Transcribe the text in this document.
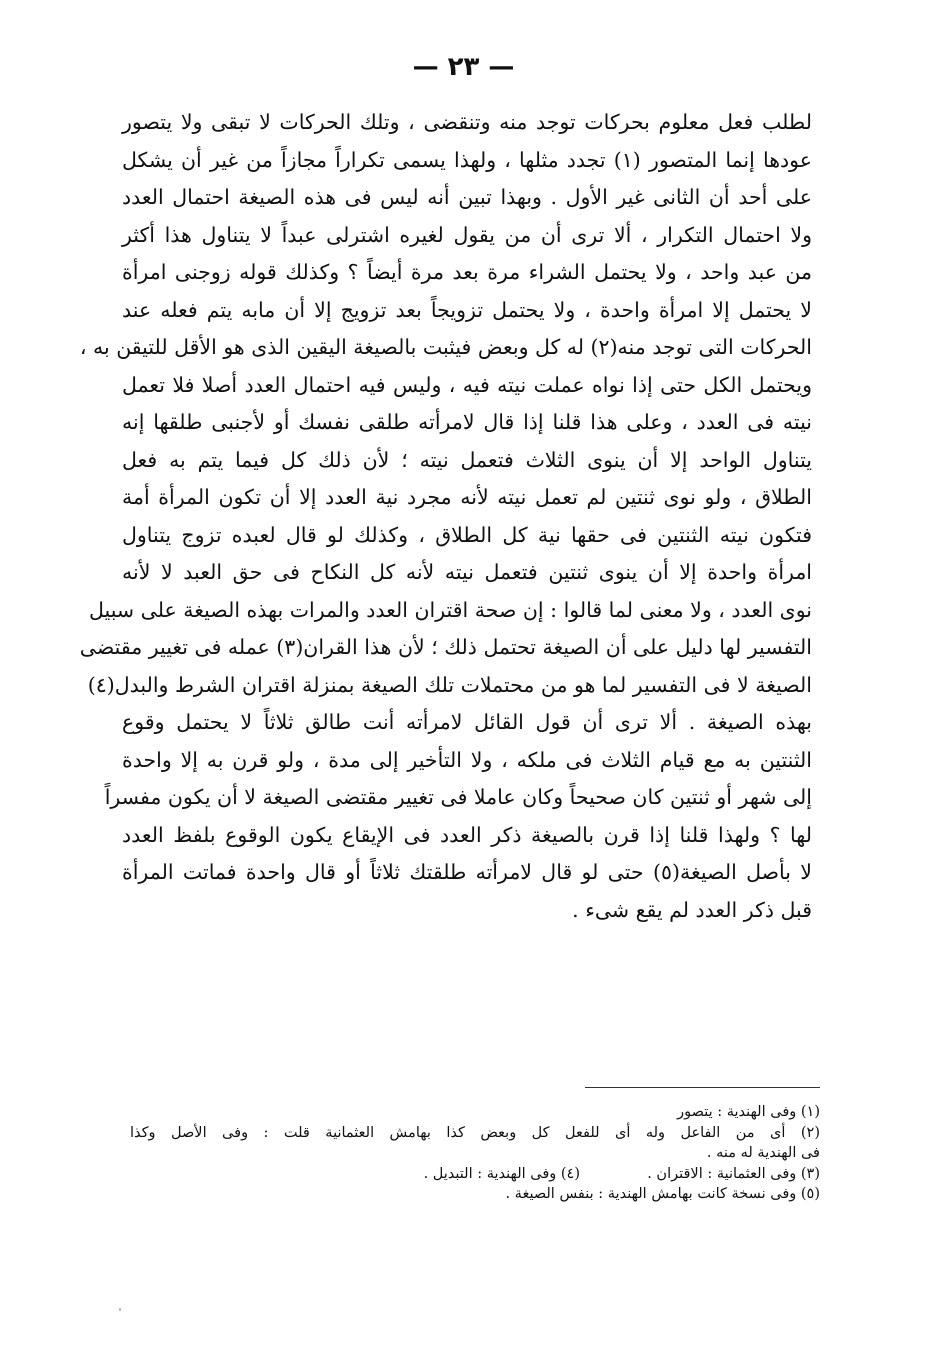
— ٢٣ —
لطلب فعل معلوم بحركات توجد منه وتنقضى ، وتلك الحركات لا تبقى ولا يتصور
عودها إنما المتصور (١) تجدد مثلها ، ولهذا يسمى تكراراً مجازاً من غير أن يشكل
على أحد أن الثانى غير الأول . وبهذا تبين أنه ليس فى هذه الصيغة احتمال العدد
ولا احتمال التكرار ، ألا ترى أن من يقول لغيره اشترلى عبداً لا يتناول هذا أكثر
من عبد واحد ، ولا يحتمل الشراء مرة بعد مرة أيضاً ؟ وكذلك قوله زوجنى امرأة
لا يحتمل إلا امرأة واحدة ، ولا يحتمل تزويجاً بعد تزويج إلا أن مابه يتم فعله عند
الحركات التى توجد منه(٢) له كل وبعض فيثبت بالصيغة اليقين الذى هو الأقل للتيقن به ،
ويحتمل الكل حتى إذا نواه عملت نيته فيه ، وليس فيه احتمال العدد أصلا فلا تعمل
نيته فى العدد ، وعلى هذا قلنا إذا قال لامرأته طلقى نفسك أو لأجنبى طلقها إنه
يتناول الواحد إلا أن ينوى الثلاث فتعمل نيته ؛ لأن ذلك كل فيما يتم به فعل
الطلاق ، ولو نوى ثنتين لم تعمل نيته لأنه مجرد نية العدد إلا أن تكون المرأة أمة
فتكون نيته الثنتين فى حقها نية كل الطلاق ، وكذلك لو قال لعبده تزوج يتناول
امرأة واحدة إلا أن ينوى ثنتين فتعمل نيته لأنه كل النكاح فى حق العبد لا لأنه
نوى العدد ، ولا معنى لما قالوا : إن صحة اقتران العدد والمرات بهذه الصيغة على سبيل
التفسير لها دليل على أن الصيغة تحتمل ذلك ؛ لأن هذا القران(٣) عمله فى تغيير مقتضى
الصيغة لا فى التفسير لما هو من محتملات تلك الصيغة بمنزلة اقتران الشرط والبدل(٤)
بهذه الصيغة . ألا ترى أن قول القائل لامرأته أنت طالق ثلاثاً لا يحتمل وقوع
الثنتين به مع قيام الثلاث فى ملكه ، ولا التأخير إلى مدة ، ولو قرن به إلا واحدة
إلى شهر أو ثنتين كان صحيحاً وكان عاملا فى تغيير مقتضى الصيغة لا أن يكون مفسراً
لها ؟ ولهذا قلنا إذا قرن بالصيغة ذكر العدد فى الإيقاع يكون الوقوع بلفظ العدد
لا بأصل الصيغة(٥) حتى لو قال لامرأته طلقتك ثلاثاً أو قال واحدة فماتت المرأة
قبل ذكر العدد لم يقع شىء .
(١) وفى الهندية : يتصور
(٢) أى من الفاعل وله أى للفعل كل وبعض كذا بهامش العثمانية قلت : وفى الأصل وكذا
فى الهندية له منه .
(٣) وفى العثمانية : الاقتران .
(٤) وفى الهندية : التبديل .
(٥) وفى نسخة كانت بهامش الهندية : بنفس الصيغة .
